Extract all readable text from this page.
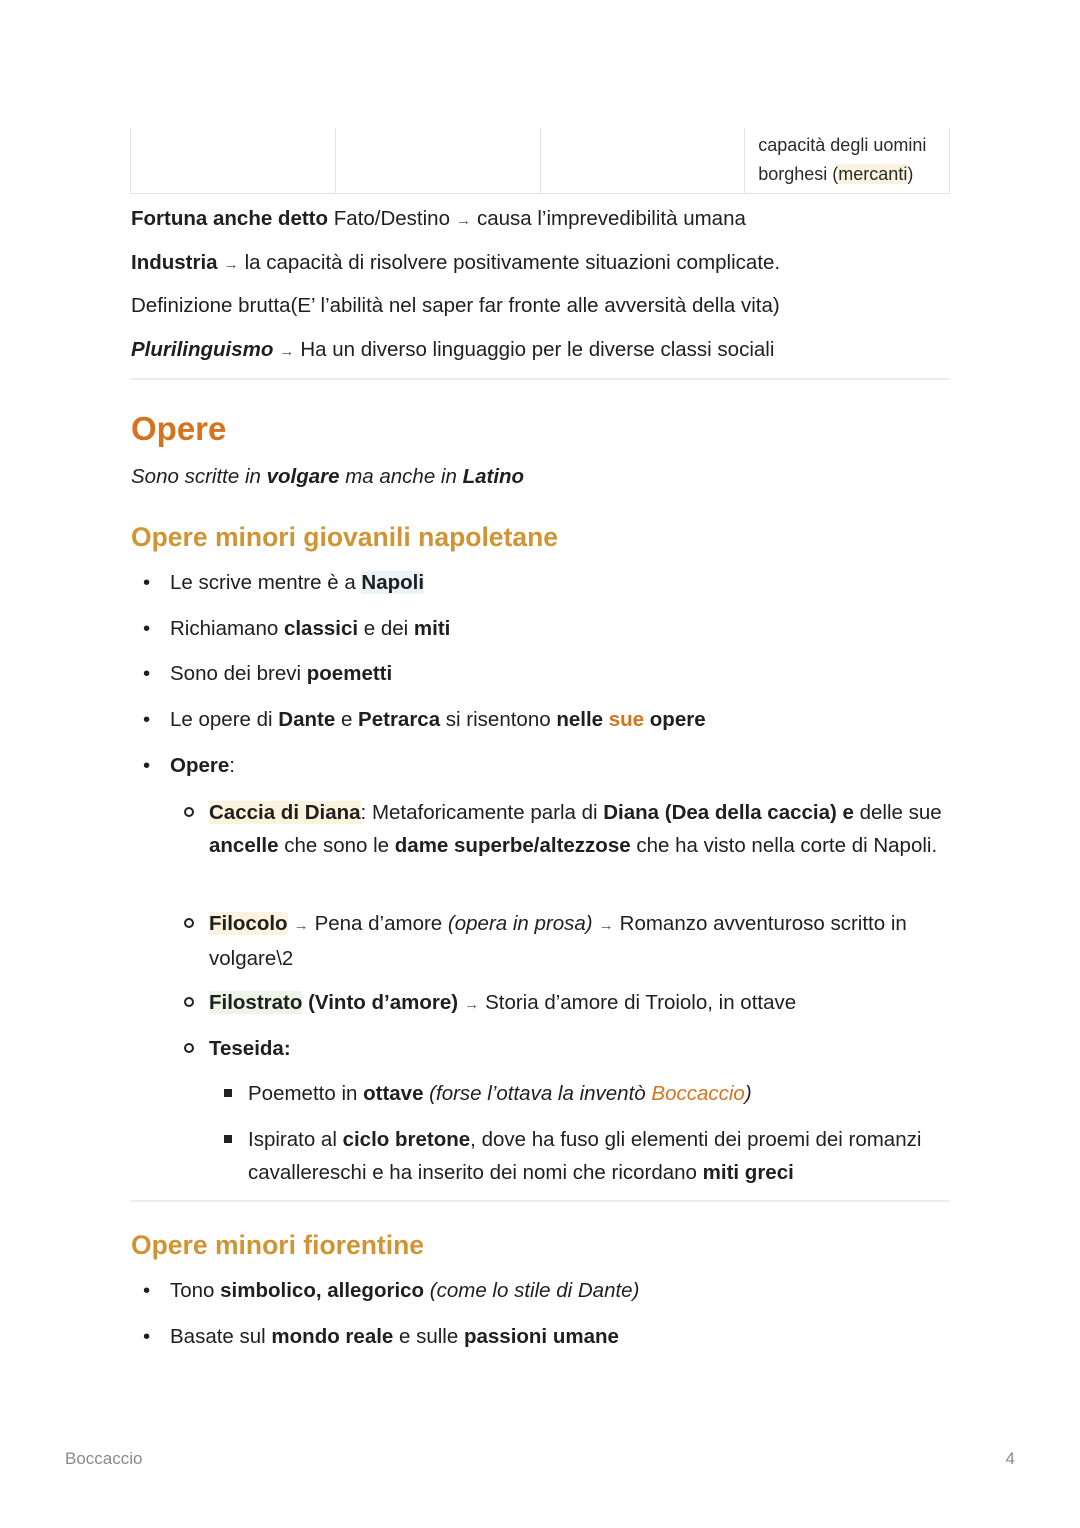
			capacità degli uomini
borghesi (mercanti)
Fortuna anche detto Fato/Destino → causa l’imprevedibilità umana
Industria → la capacità di risolvere positivamente situazioni complicate.
Definizione brutta(E’ l’abilità nel saper far fronte alle avversità della vita)
Plurilinguismo → Ha un diverso linguaggio per le diverse classi sociali
Opere
Sono scritte in volgare ma anche in Latino
Opere minori giovanili napoletane
• Le scrive mentre è a Napoli
• Richiamano classici e dei miti
• Sono dei brevi poemetti
• Le opere di Dante e Petrarca si risentono nelle sue opere
• Opere:
Caccia di Diana: Metaforicamente parla di Diana (Dea della caccia) e delle sue ancelle che sono le dame superbe/altezzose che ha visto nella corte di Napoli.
Filocolo → Pena d’amore (opera in prosa) → Romanzo avventuroso scritto in volgare\2
Filostrato (Vinto d’amore) → Storia d’amore di Troiolo, in ottave
Teseida:
Poemetto in ottave (forse l’ottava la inventò Boccaccio)
Ispirato al ciclo bretone, dove ha fuso gli elementi dei proemi dei romanzi cavallereschi e ha inserito dei nomi che ricordano miti greci
Opere minori fiorentine
• Tono simbolico, allegorico (come lo stile di Dante)
• Basate sul mondo reale e sulle passioni umane
Boccaccio	4
